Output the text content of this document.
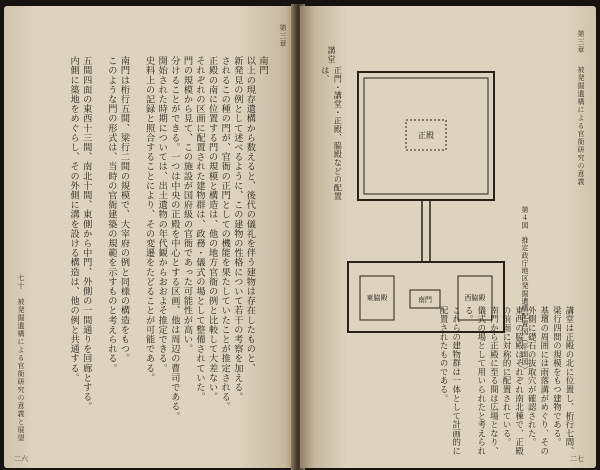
第三章
二六
南門
以上の現存遺構から数えると、後代の儀礼を伴う建物は存在したものと、
新発見の例として述べるように、この建物の性格について若干の考察を加える。
されるこの種の門が、官衙の正門としての機能を果たしていたことが推定される。
正殿の南に位置する門の規模と構造は、他の地方官衙の例と比較して大差ない。
それぞれの区画に配置された建物群は、政務・儀式の場として整備されていた。
門の規模から見て、この施設が国府級の官衙であった可能性が高い。
分けることができる。一つは中央の正殿を中心とする区画、他は周辺の曹司である。
開始された時期については、出土遺物の年代観からおおよそ推定できる。
史料上の記録と照合することにより、その変遷をたどることが可能である。

南門は桁行五間、梁行二間の規模で、大宰府の例と同様の構造をもつ。
このような門の形式は、当時の官衙建築の規範を示すものと考えられる。

五間四面の東西十三間、南北十間、東側から中門、外側の一間通りを回廊とする。
内側に築地をめぐらし、その外側に溝を設ける構造は、他の例と共通する。

七十　被発掘遺構による官衙研究の意義と展望
被発掘遺構による官衙研究の意義
第三章
二七

正門・講堂・正殿、脇殿などの配置は、

正殿
東脇殿	西脇殿
南門	第４図　推定政庁地区発掘遺構配置図（平面図）
講堂
講堂は正殿の北に位置し、桁行七間、梁行四間の規模をもつ建物である。
基壇の周囲には雨落溝がめぐり、その外側に礎石の抜取穴が確認された。
東西の脇殿はそれぞれ南北棟で、正殿の前面に対称的に配置されている。
南門から正殿に至る間は広場となり、儀式の場として用いられたと考えられる。
これらの建物群は一体として計画的に配置されたものである。
